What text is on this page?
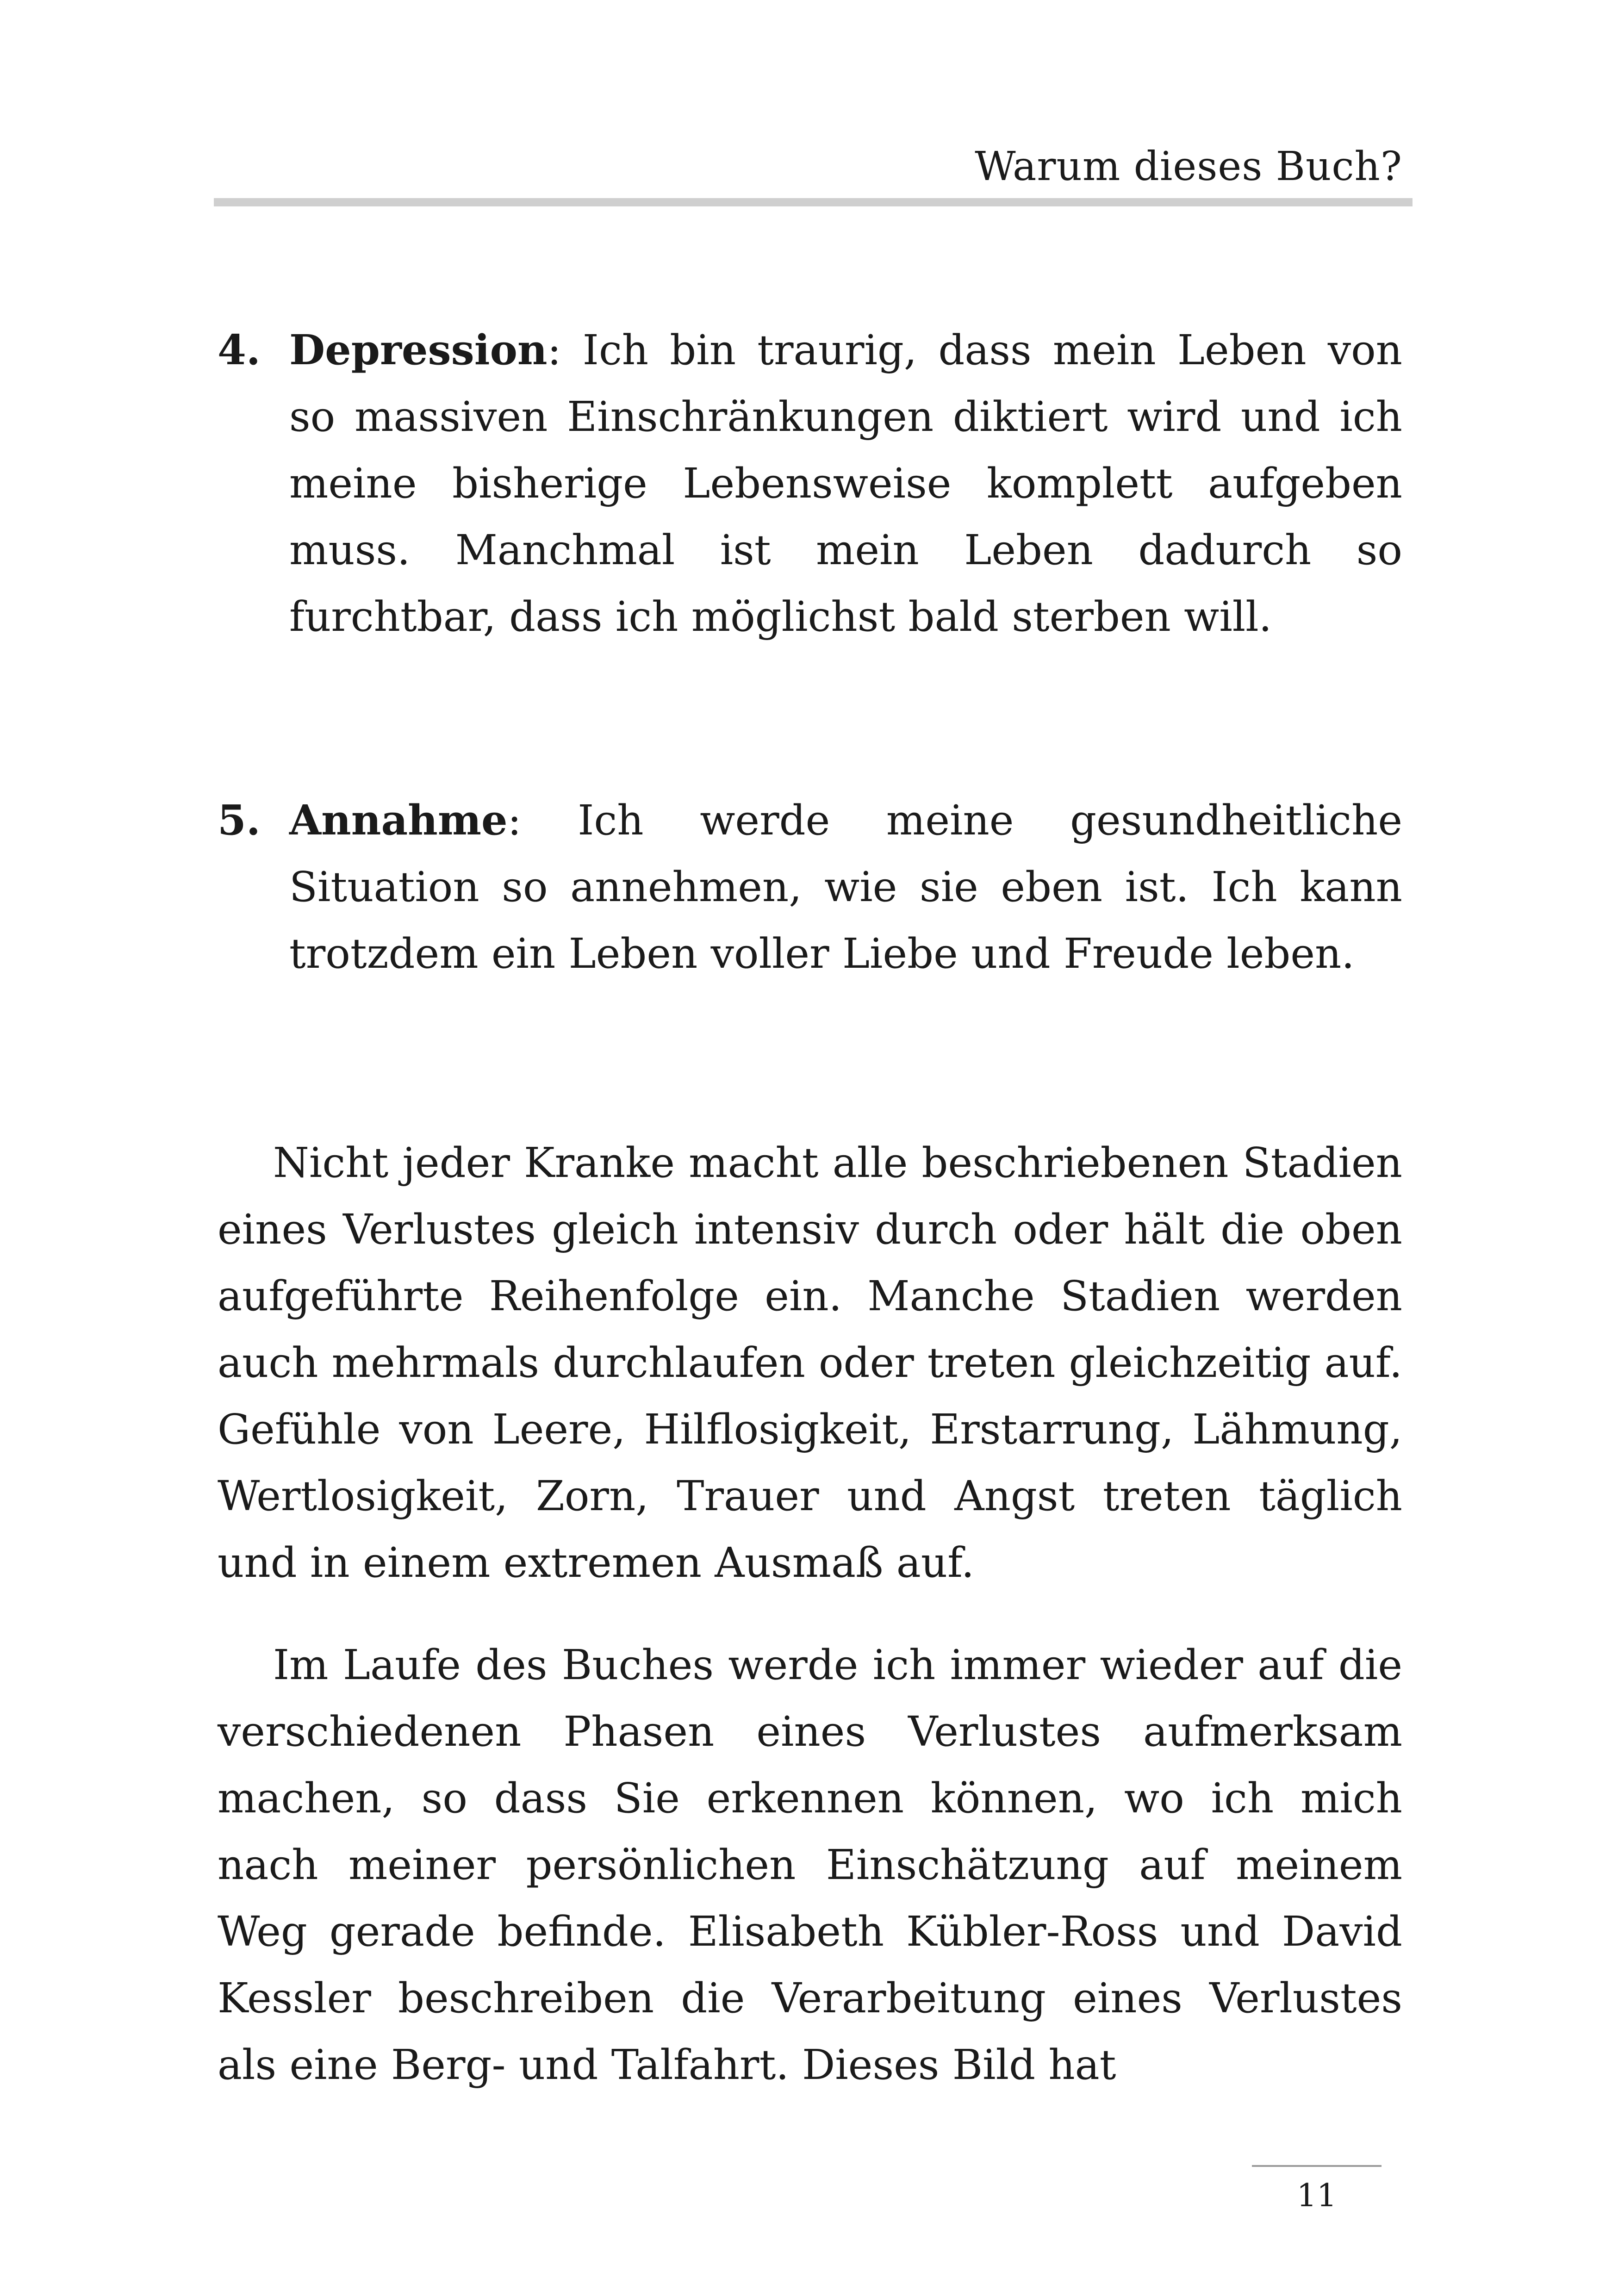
Warum dieses Buch?
4. Depression: Ich bin traurig, dass mein Leben von so massiven Einschränkungen diktiert wird und ich meine bisherige Lebensweise komplett aufgeben muss. Manchmal ist mein Leben dadurch so furchtbar, dass ich möglichst bald sterben will.
5. Annahme: Ich werde meine gesundheitliche Situation so annehmen, wie sie eben ist. Ich kann trotzdem ein Leben voller Liebe und Freude leben.

Nicht jeder Kranke macht alle beschriebenen Stadien eines Verlustes gleich intensiv durch oder hält die oben aufgeführte Reihenfolge ein. Manche Stadien werden auch mehrmals durchlaufen oder treten gleichzeitig auf. Gefühle von Leere, Hilflosigkeit, Erstarrung, Lähmung, Wertlosigkeit, Zorn, Trauer und Angst treten täglich und in einem extremen Ausmaß auf.

Im Laufe des Buches werde ich immer wieder auf die verschiedenen Phasen eines Verlustes aufmerksam machen, so dass Sie erkennen können, wo ich mich nach meiner persönlichen Einschätzung auf meinem Weg gerade befinde. Elisabeth Kübler-Ross und David Kessler beschreiben die Verarbeitung eines Verlustes als eine Berg- und Talfahrt. Dieses Bild hat

11
